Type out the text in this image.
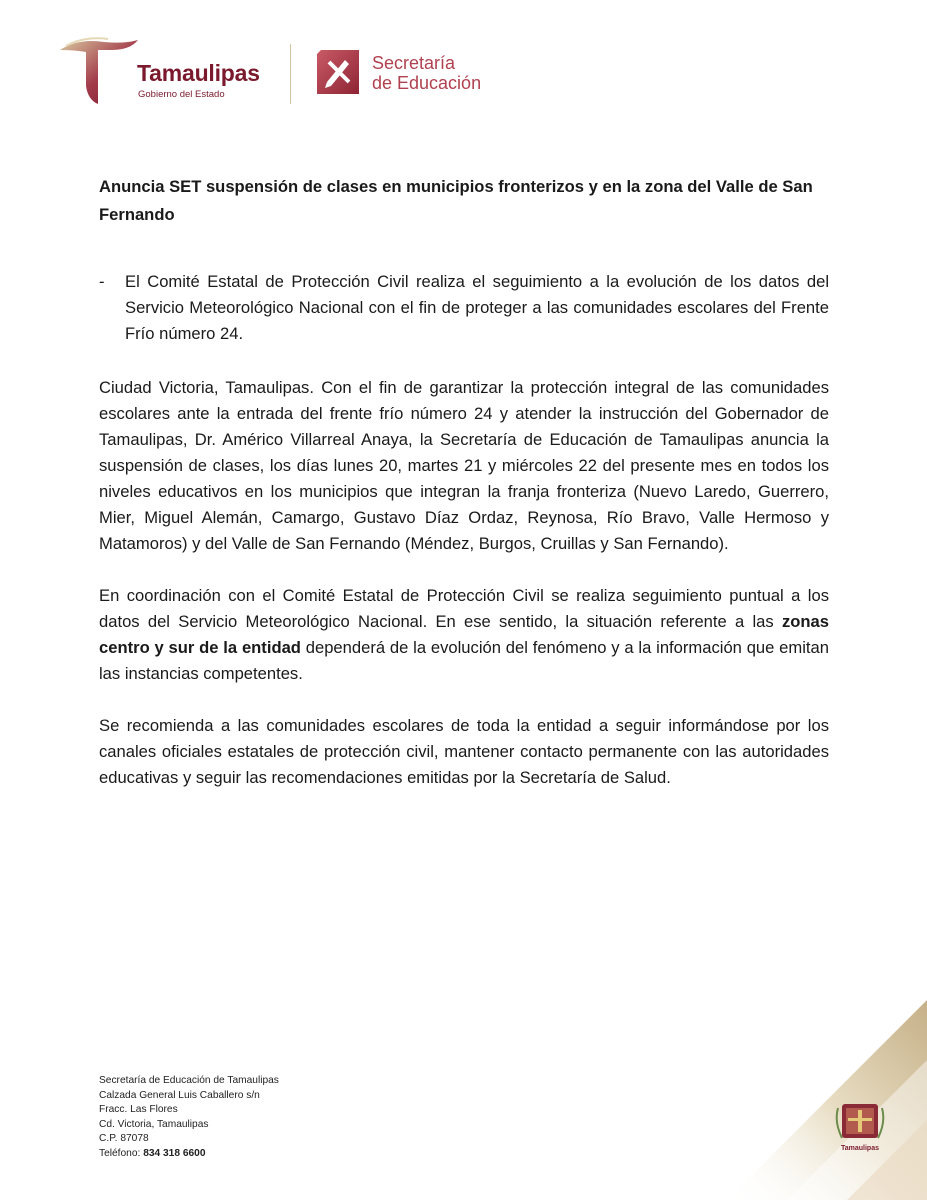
Tamaulipas
Gobierno del Estado
Secretaría
de Educación
Anuncia SET suspensión de clases en municipios fronterizos y en la zona del Valle de San Fernando
-	El Comité Estatal de Protección Civil realiza el seguimiento a la evolución de los datos del Servicio Meteorológico Nacional con el fin de proteger a las comunidades escolares del Frente Frío número 24.

Ciudad Victoria, Tamaulipas. Con el fin de garantizar la protección integral de las comunidades escolares ante la entrada del frente frío número 24 y atender la instrucción del Gobernador de Tamaulipas, Dr. Américo Villarreal Anaya, la Secretaría de Educación de Tamaulipas anuncia la suspensión de clases, los días lunes 20, martes 21 y miércoles 22 del presente mes en todos los niveles educativos en los municipios que integran la franja fronteriza (Nuevo Laredo, Guerrero, Mier, Miguel Alemán, Camargo, Gustavo Díaz Ordaz, Reynosa, Río Bravo, Valle Hermoso y Matamoros) y del Valle de San Fernando (Méndez, Burgos, Cruillas y San Fernando).

En coordinación con el Comité Estatal de Protección Civil se realiza seguimiento puntual a los datos del Servicio Meteorológico Nacional. En ese sentido, la situación referente a las zonas centro y sur de la entidad dependerá de la evolución del fenómeno y a la información que emitan las instancias competentes.

Se recomienda a las comunidades escolares de toda la entidad a seguir informándose por los canales oficiales estatales de protección civil, mantener contacto permanente con las autoridades educativas y seguir las recomendaciones emitidas por la Secretaría de Salud.

Tamaulipas
Secretaría de Educación de Tamaulipas
Calzada General Luis Caballero s/n
Fracc. Las Flores
Cd. Victoria, Tamaulipas
C.P. 87078
Teléfono: 834 318 6600
